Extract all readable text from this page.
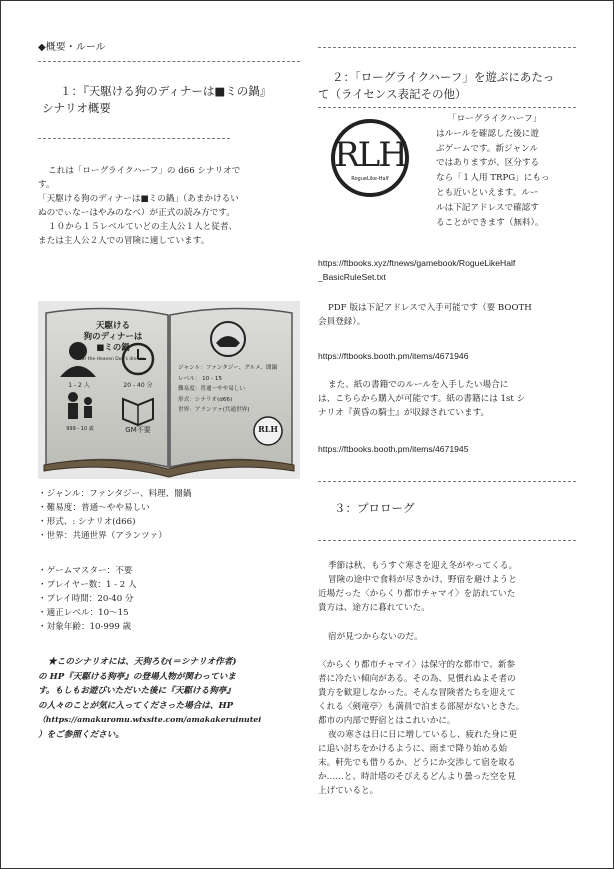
◆概要・ルール
１：『天駆ける狗のディナーは■ミの鍋』
シナリオ概要
これは「ローグライクハーフ」の d66 シナリオで
す。
「天駆ける狗のディナーは■ミの鍋」（あまかけるい
ぬのでぃなーはやみのなべ）が正式の読み方です。
１０から１５レベルていどの主人公１人と従者、
または主人公２人での冒険に適しています。
天駆ける
狗のディナーは
■ミの鍋
Soar the Heaven Dog's dinner
1 - 2 人	20 - 40 分
999 - 10 歳	GM不要
ジャンル：ファンタジー、グルメ、闇鍋
レベル： 10 - 15
難易度：普通〜やや易しい
形式：シナリオ(d66)
世界：アランツァ(共通世界)
RLH
・ジャンル：ファンタジー、料理、闇鍋
・難易度：普通〜やや易しい
・形式、: シナリオ(d66)
・世界：共通世界（アランツァ）
・ゲームマスター：不要
・プレイヤー数：1 - 2 人
・プレイ時間：20-40 分
・適正レベル：10〜15
・対象年齢：10-999 歳
★このシナリオには、天狗ろむ(＝シナリオ作者)
の HP『天駆ける狗亭』の登場人物が関わっていま
す。もしもお遊びいただいた後に『天駆ける狗亭』
の人々のことが気に入ってくださった場合は、HP
（https://amakuromu.wixsite.com/amakakeruinutei
）をご参照ください。
２：「ローグライクハーフ」を遊ぶにあたっ
て（ライセンス表記その他）
RLH
RogueLike-Half
「ローグライクハーフ」
はルールを確認した後に遊
ぶゲームです。新ジャンル
ではありますが、区分する
なら「１人用 TRPG」にもっ
とも近いといえます。ルー
ルは下記アドレスで確認す
ることができます（無料）。
https://ftbooks.xyz/ftnews/gamebook/RogueLikeHalf
_BasicRuleSet.txt
PDF 版は下記アドレスで入手可能です（要 BOOTH
会員登録）。
https://ftbooks.booth.pm/items/4671946
また、紙の書籍でのルールを入手したい場合に
は、こちらから購入が可能です。紙の書籍には 1st シ
ナリオ『黄昏の騎士』が収録されています。
https://ftbooks.booth.pm/items/4671945
３：プロローグ
季節は秋、もうすぐ寒さを迎え冬がやってくる。
冒険の途中で食料が尽きかけ、野宿を避けようと
近場だった〈からくり都市チャマイ〉を訪れていた
貴方は、途方に暮れていた。
宿が見つからないのだ。
〈からくり都市チャマイ〉は保守的な都市で、新参
者に冷たい傾向がある。その為、見慣れぬよそ者の
貴方を歓迎しなかった。そんな冒険者たちを迎えて
くれる〈剣竜亭〉も満員で泊まる部屋がないときた。
都市の内部で野宿とはこれいかに。
夜の寒さは日に日に増しているし、疲れた身に更
に追い討ちをかけるように、雨まで降り始める始
末。軒先でも借りるか、どうにか交渉して宿を取る
か……と、時計塔のそびえるどんより曇った空を見
上げていると。
